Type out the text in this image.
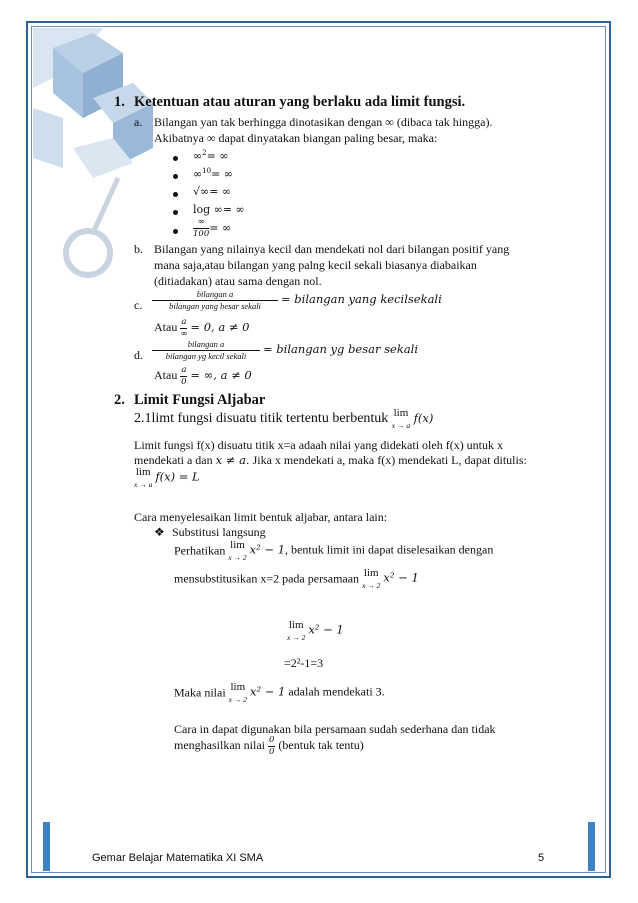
1. Ketentuan atau aturan yang berlaku ada limit fungsi.
a. Bilangan yan tak berhingga dinotasikan dengan ∞ (dibaca tak hingga).
Akibatnya ∞ dapat dinyatakan biangan paling besar, maka:
∞$^2$= ∞
∞$^{10}$= ∞
√∞= ∞
log ∞= ∞
$\frac{\infty}{100}$ = ∞
b. Bilangan yang nilainya kecil dan mendekati nol dari bilangan positif yang
mana saja,atau bilangan yang palng kecil sekali biasanya diabaikan
(ditiadakan) atau sama dengan nol.
c. $\frac{\text{bilangan a}}{\text{bilangan yang besar sekali}}$ = bilangan yang kecilsekali
Atau $\frac{a}{\infty} = 0$, a ≠ 0
d. $\frac{\text{bilangan a}}{\text{bilangan yg kecil sekali}}$ = bilangan yg besar sekali
Atau $\frac{a}{0}$ = ∞, a ≠ 0
2. Limit Fungsi Aljabar
2.1limt fungsi disuatu titik tertentu berbentuk lim
x → a
f(x)
Limit fungsi f(x) disuatu titik x=a adaah nilai yang didekati oleh f(x) untuk x
mendekati a dan x ≠ a. Jika x mendekati a, maka f(x) mendekati L, dapat ditulis:
lim
x → a
f(x) = L
Cara menyelesaikan limit bentuk aljabar, antara lain:
❖ Substitusi langsung
Perhatikan lim
x → 2
x² − 1, bentuk limit ini dapat diselesaikan dengan
mensubstitusikan x=2 pada persamaan lim
x → 2
x² − 1
lim
x → 2
x² − 1
=2²-1=3
Maka nilai lim
x → 2
x² − 1 adalah mendekati 3.
Cara in dapat digunakan bila persamaan sudah sederhana dan tidak
menghasilkan nilai $\frac{0}{0}$ (bentuk tak tentu)
Gemar Belajar Matematika XI SMA	5
